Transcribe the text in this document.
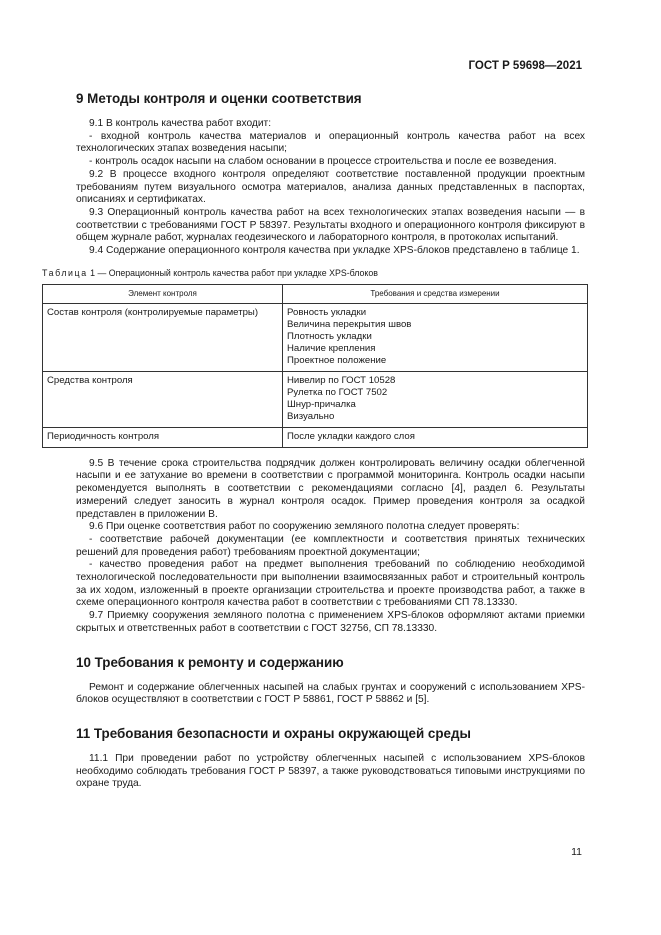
ГОСТ Р 59698—2021
9 Методы контроля и оценки соответствия

9.1 В контроль качества работ входит:

- входной контроль качества материалов и операционный контроль качества работ на всех технологических этапах возведения насыпи;

- контроль осадок насыпи на слабом основании в процессе строительства и после ее возведения.

9.2 В процессе входного контроля определяют соответствие поставленной продукции проектным требованиям путем визуального осмотра материалов, анализа данных представленных в паспортах, описаниях и сертификатах.

9.3 Операционный контроль качества работ на всех технологических этапах возведения насыпи — в соответствии с требованиями ГОСТ Р 58397. Результаты входного и операционного контроля фиксируют в общем журнале работ, журналах геодезического и лабораторного контроля, в протоколах испытаний.

9.4 Содержание операционного контроля качества при укладке XPS-блоков представлено в таблице 1.

Таблица 1 — Операционный контроль качества работ при укладке XPS-блоков
Элемент контроля	Требования и средства измерении
Состав контроля (контролируемые параметры)	Ровность укладки
Величина перекрытия швов
Плотность укладки
Наличие крепления
Проектное положение

Средства контроля	Нивелир по ГОСТ 10528
Рулетка по ГОСТ 7502
Шнур-причалка
Визуально

Периодичность контроля	После укладки каждого слоя

9.5 В течение срока строительства подрядчик должен контролировать величину осадки облегченной насыпи и ее затухание во времени в соответствии с программой мониторинга. Контроль осадки насыпи рекомендуется выполнять в соответствии с рекомендациями согласно [4], раздел 6. Результаты измерений следует заносить в журнал контроля осадок. Пример проведения контроля за осадкой представлен в приложении В.

9.6 При оценке соответствия работ по сооружению земляного полотна следует проверять:

- соответствие рабочей документации (ее комплектности и соответствия принятых технических решений для проведения работ) требованиям проектной документации;

- качество проведения работ на предмет выполнения требований по соблюдению необходимой технологической последовательности при выполнении взаимосвязанных работ и строительный контроль за их ходом, изложенный в проекте организации строительства и проекте производства работ, а также в схеме операционного контроля качества работ в соответствии с требованиями СП 78.13330.

9.7 Приемку сооружения земляного полотна с применением XPS-блоков оформляют актами приемки скрытых и ответственных работ в соответствии с ГОСТ 32756, СП 78.13330.

10 Требования к ремонту и содержанию

Ремонт и содержание облегченных насыпей на слабых грунтах и сооружений с использованием XPS-блоков осуществляют в соответствии с ГОСТ Р 58861, ГОСТ Р 58862 и [5].

11 Требования безопасности и охраны окружающей среды

11.1 При проведении работ по устройству облегченных насыпей с использованием XPS-блоков необходимо соблюдать требования ГОСТ Р 58397, а также руководствоваться типовыми инструкциями по охране труда.

11
